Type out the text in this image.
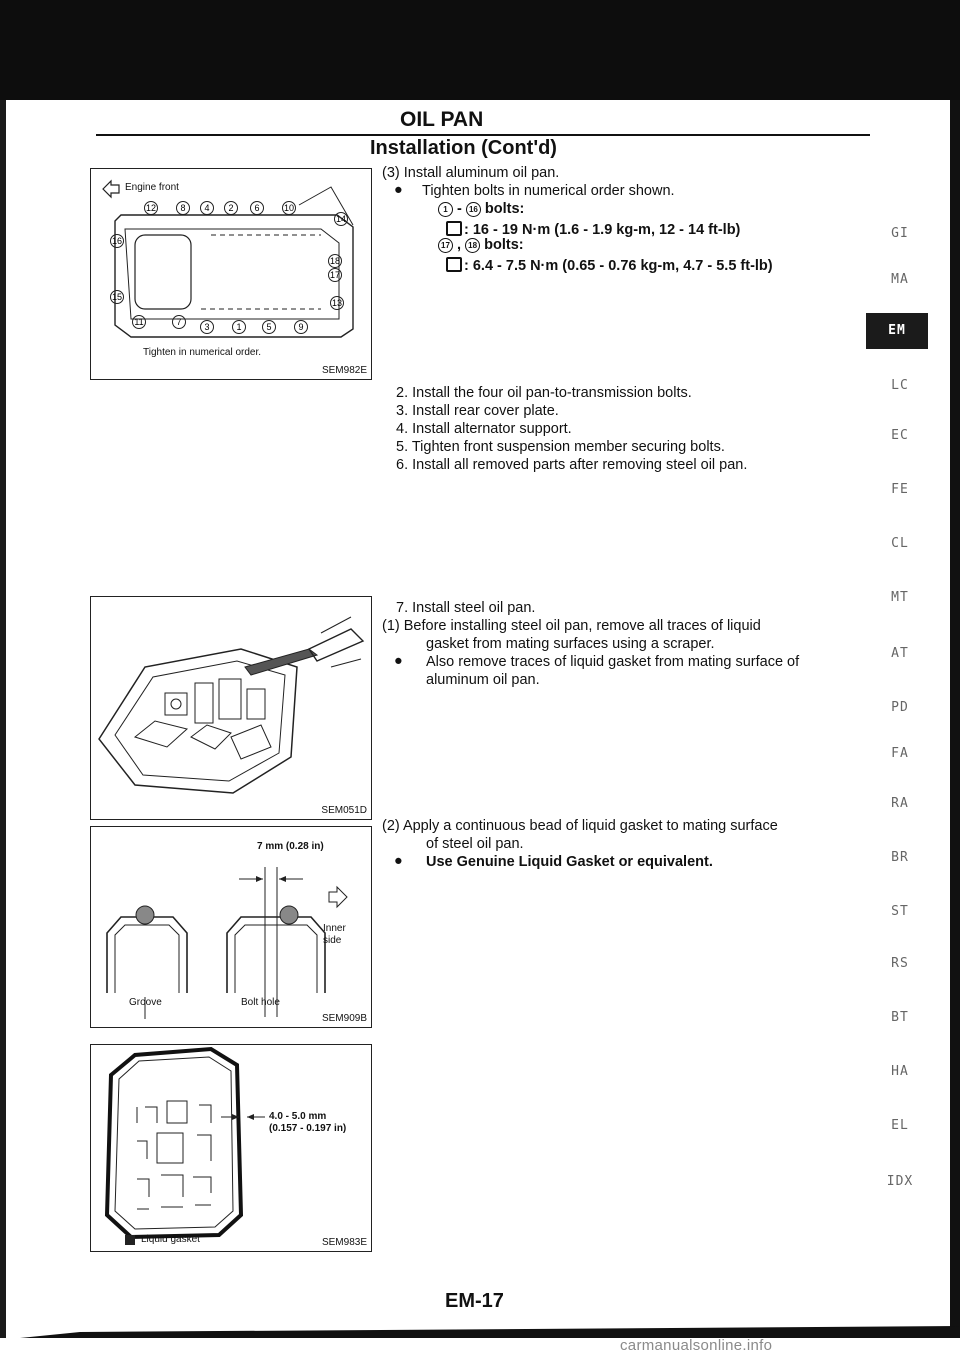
carmanualsonline.info
OIL PAN
Installation (Cont'd)
12	8 4 2 6	10
14
16
18
17
15
13
11	7	3	1	5	9
Engine front
Tighten in numerical order.
SEM982E
SEM051D
7 mm (0.28 in)
Inner
side
Groove	Bolt hole
SEM909B
4.0 - 5.0 mm
(0.157 - 0.197 in)
Liquid gasket	SEM983E
(3) Install aluminum oil pan.
● Tighten bolts in numerical order shown.
1 - 16 bolts:
: 16 - 19 N·m (1.6 - 1.9 kg-m, 12 - 14 ft-lb)
17 , 18 bolts:
: 6.4 - 7.5 N·m (0.65 - 0.76 kg-m, 4.7 - 5.5 ft-lb)
2. Install the four oil pan-to-transmission bolts.
3. Install rear cover plate.
4. Install alternator support.
5. Tighten front suspension member securing bolts.
6. Install all removed parts after removing steel oil pan.
7. Install steel oil pan.
(1) Before installing steel oil pan, remove all traces of liquid
gasket from mating surfaces using a scraper.
● Also remove traces of liquid gasket from mating surface of
aluminum oil pan.
(2) Apply a continuous bead of liquid gasket to mating surface
of steel oil pan.
● Use Genuine Liquid Gasket or equivalent.
GI
MA
EM
LC
EC
FE
CL
MT
AT
PD
FA
RA
BR
ST
RS
BT
HA
EL
IDX
EM-17
